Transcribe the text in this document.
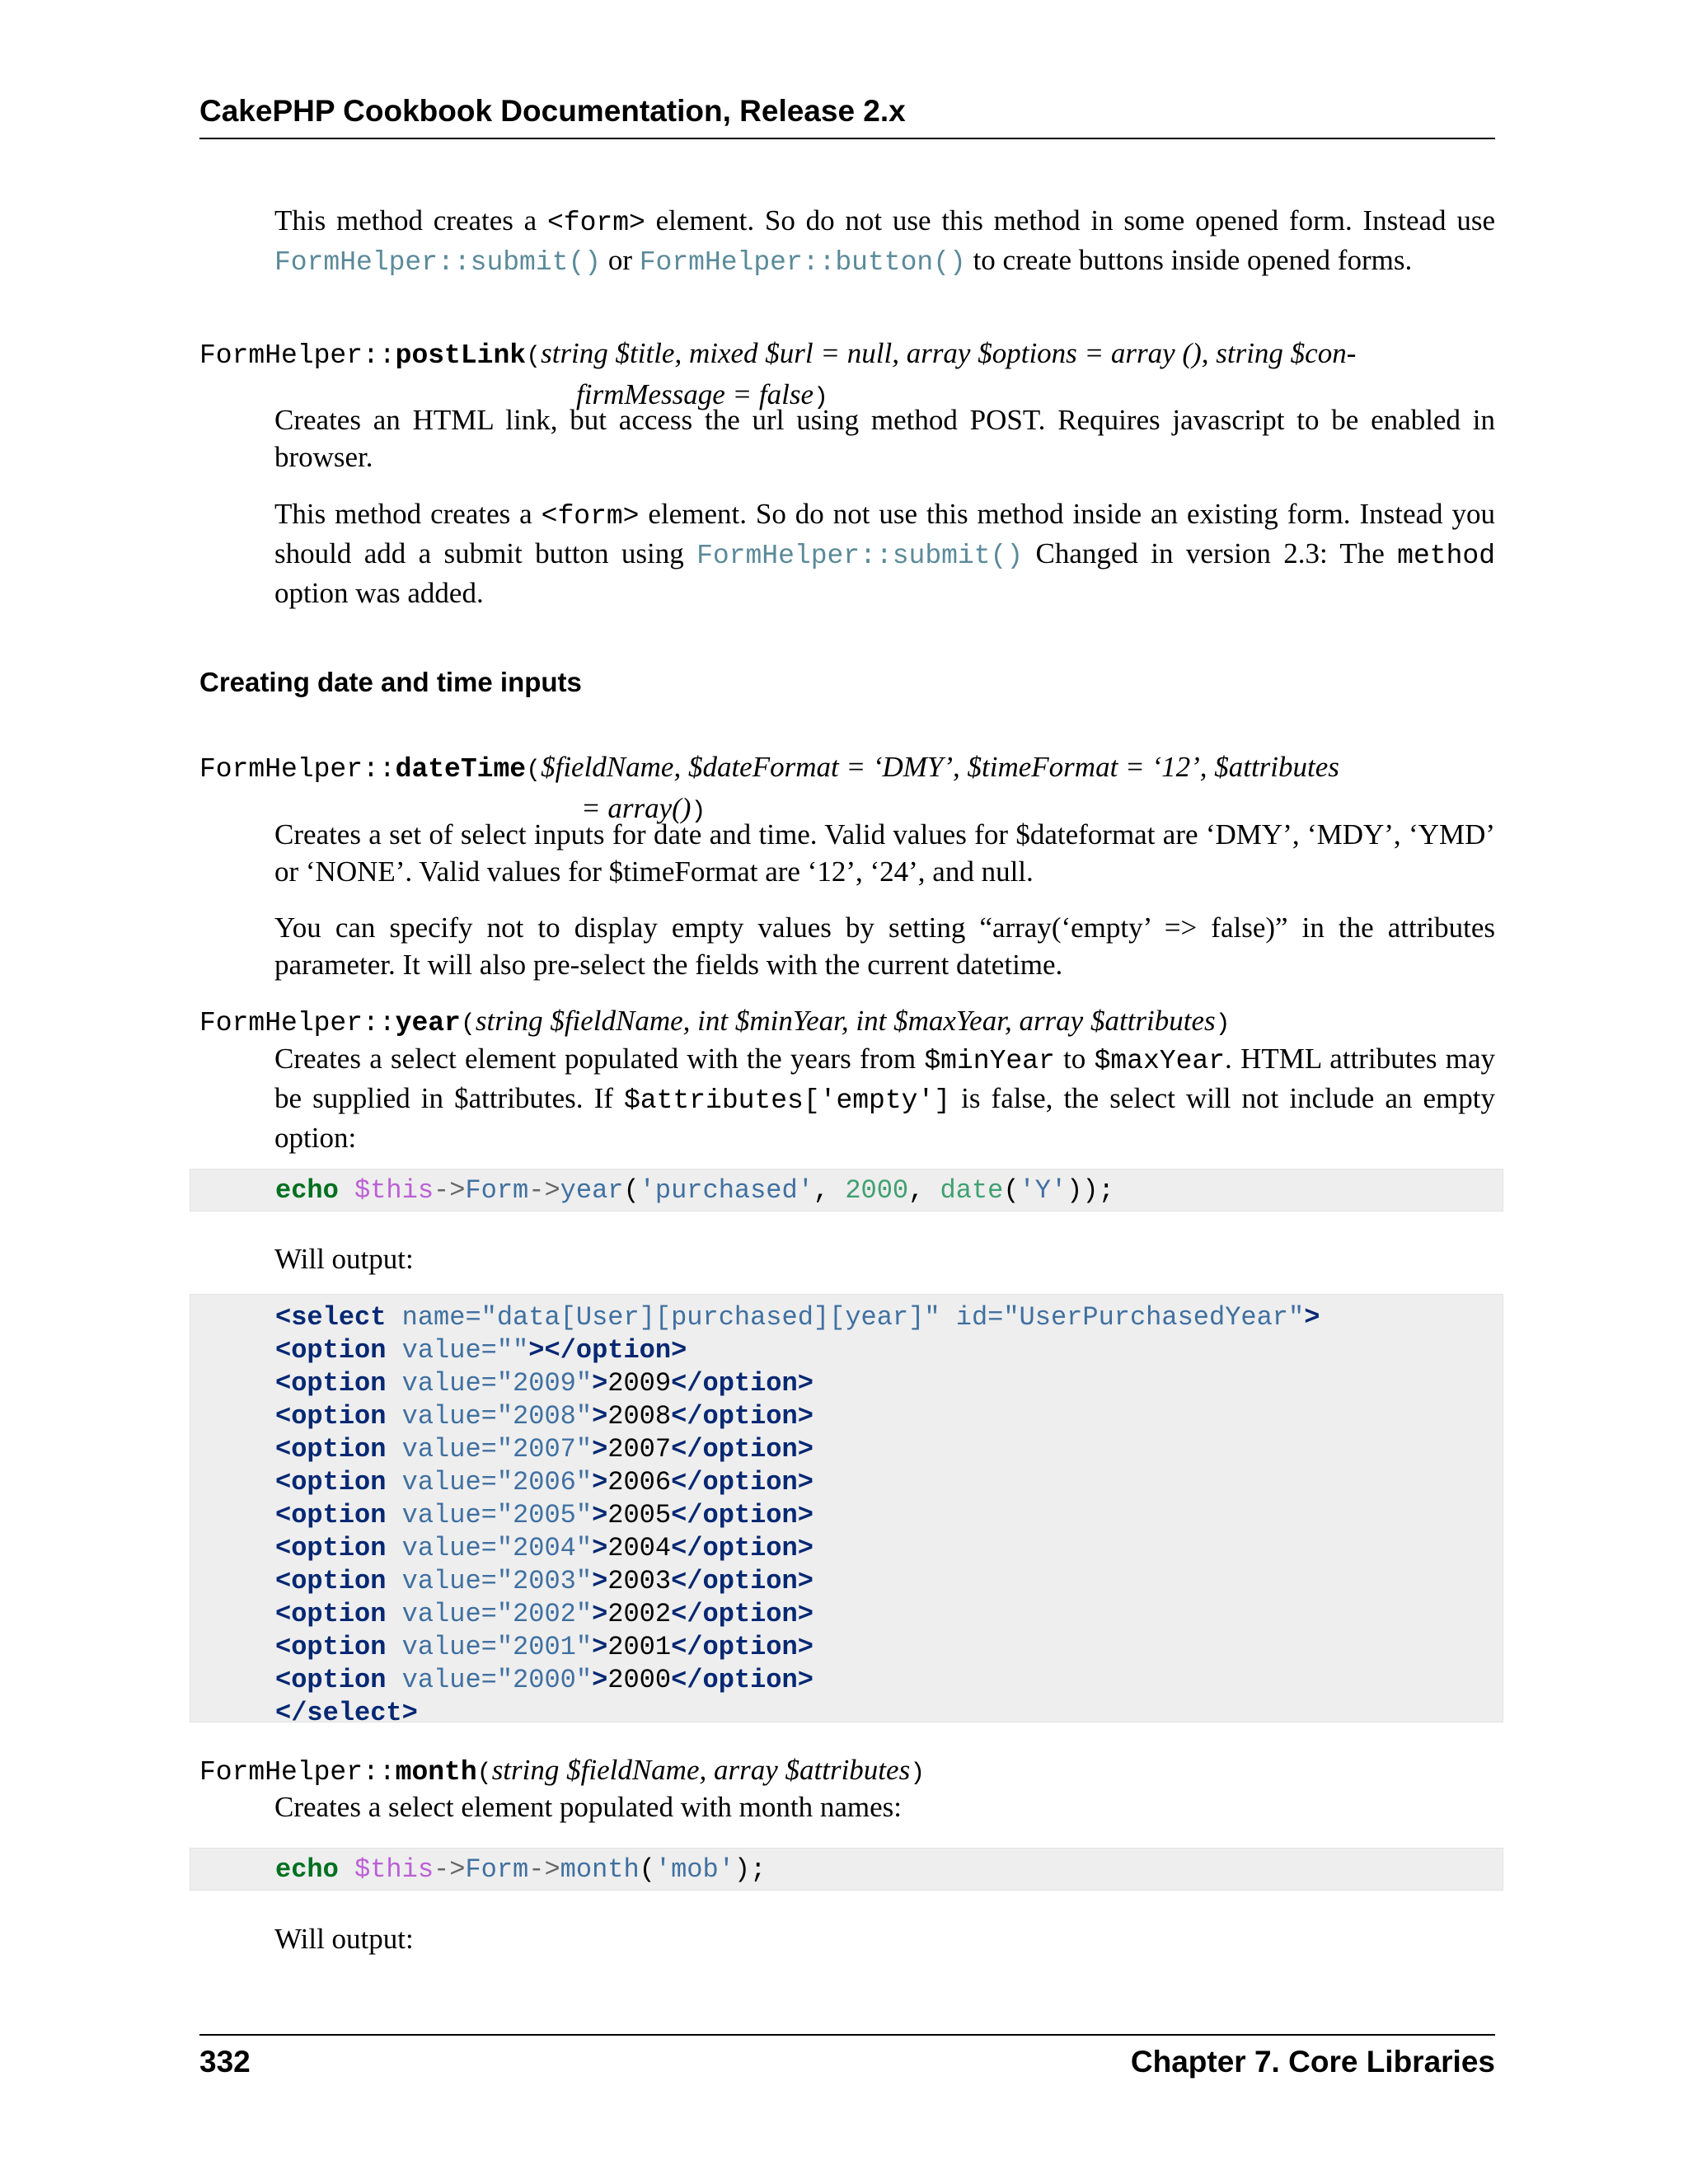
CakePHP Cookbook Documentation, Release 2.x
This method creates a <form> element. So do not use this method in some opened form. Instead use FormHelper::submit() or FormHelper::button() to create buttons inside opened forms.
FormHelper::postLink(string $title, mixed $url = null, array $options = array (), string $con-
firmMessage = false)
Creates an HTML link, but access the url using method POST. Requires javascript to be enabled in browser.
This method creates a <form> element. So do not use this method inside an existing form. Instead you should add a submit button using FormHelper::submit() Changed in version 2.3: The method option was added.
Creating date and time inputs
FormHelper::dateTime($fieldName, $dateFormat = ‘DMY’, $timeFormat = ‘12’, $attributes
= array())
Creates a set of select inputs for date and time. Valid values for $dateformat are ‘DMY’, ‘MDY’, ‘YMD’ or ‘NONE’. Valid values for $timeFormat are ‘12’, ‘24’, and null.
You can specify not to display empty values by setting “array(‘empty’ => false)” in the attributes parameter. It will also pre-select the fields with the current datetime.
FormHelper::year(string $fieldName, int $minYear, int $maxYear, array $attributes)
Creates a select element populated with the years from $minYear to $maxYear. HTML attributes may be supplied in $attributes. If $attributes['empty'] is false, the select will not include an empty option:
echo $this->Form->year('purchased', 2000, date('Y'));
Will output:
<select name="data[User][purchased][year]" id="UserPurchasedYear">
<option value=""></option>
<option value="2009">2009</option>
<option value="2008">2008</option>
<option value="2007">2007</option>
<option value="2006">2006</option>
<option value="2005">2005</option>
<option value="2004">2004</option>
<option value="2003">2003</option>
<option value="2002">2002</option>
<option value="2001">2001</option>
<option value="2000">2000</option>
</select>
FormHelper::month(string $fieldName, array $attributes)
Creates a select element populated with month names:
echo $this->Form->month('mob');
Will output:
332	Chapter 7. Core Libraries
